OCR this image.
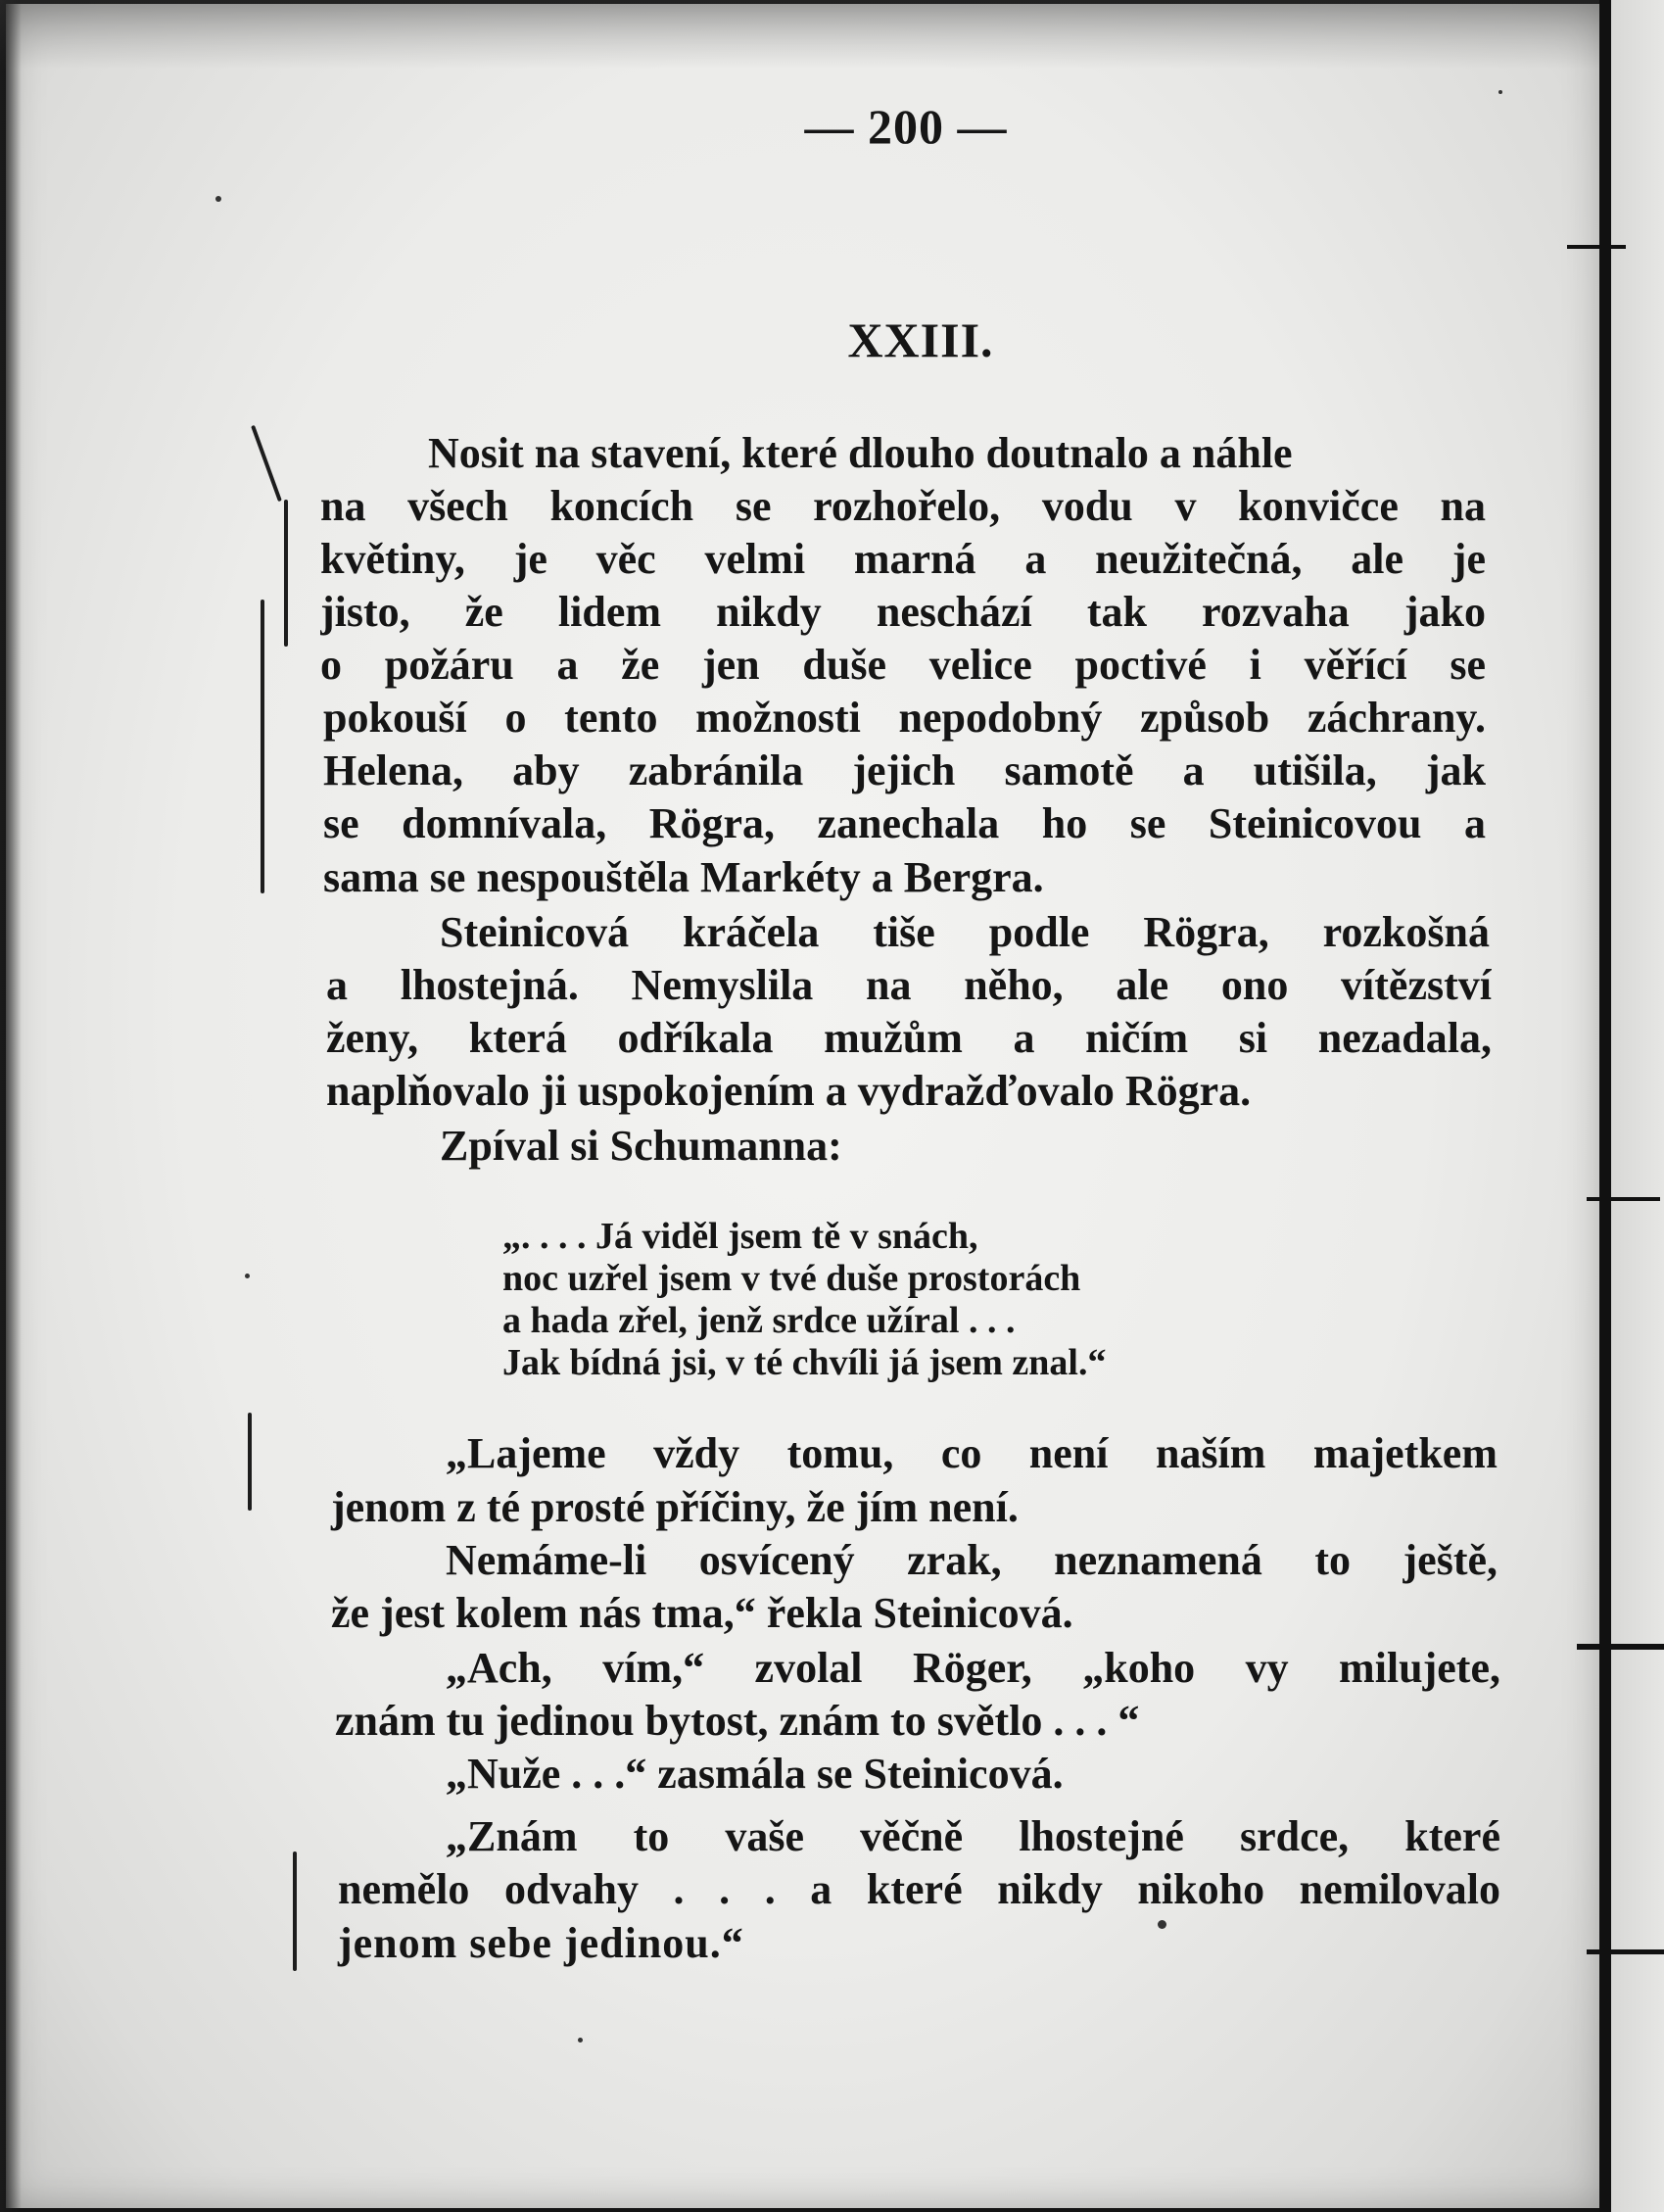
— 200 —
XXIII.
Nosit na stavení, které dlouho doutnalo a náhle
na všech koncích se rozhořelo, vodu v konvičce na
květiny, je věc velmi marná a neužitečná, ale je
jisto, že lidem nikdy neschází tak rozvaha jako
o požáru a že jen duše velice poctivé i věřící se
pokouší o tento možnosti nepodobný způsob záchrany.
Helena, aby zabránila jejich samotě a utišila, jak
se domnívala, Rögra, zanechala ho se Steinicovou a
sama se nespouštěla Markéty a Bergra.
Steinicová kráčela tiše podle Rögra, rozkošná
a lhostejná. Nemyslila na něho, ale ono vítězství
ženy, která odříkala mužům a ničím si nezadala,
naplňovalo ji uspokojením a vydražďovalo Rögra.
Zpíval si Schumanna:
„. . . . Já viděl jsem tě v snách,
noc uzřel jsem v tvé duše prostorách
a hada zřel, jenž srdce užíral . . .
Jak bídná jsi, v té chvíli já jsem znal.“
„Lajeme vždy tomu, co není naším majetkem
jenom z té prosté příčiny, že jím není.
Nemáme-li osvícený zrak, neznamená to ještě,
že jest kolem nás tma,“ řekla Steinicová.
„Ach, vím,“ zvolal Röger, „koho vy milujete,
znám tu jedinou bytost, znám to světlo . . . “
„Nuže . . .“ zasmála se Steinicová.
„Znám to vaše věčně lhostejné srdce, které
nemělo odvahy . . . a které nikdy nikoho nemilovalo
jenom sebe jedinou.“
